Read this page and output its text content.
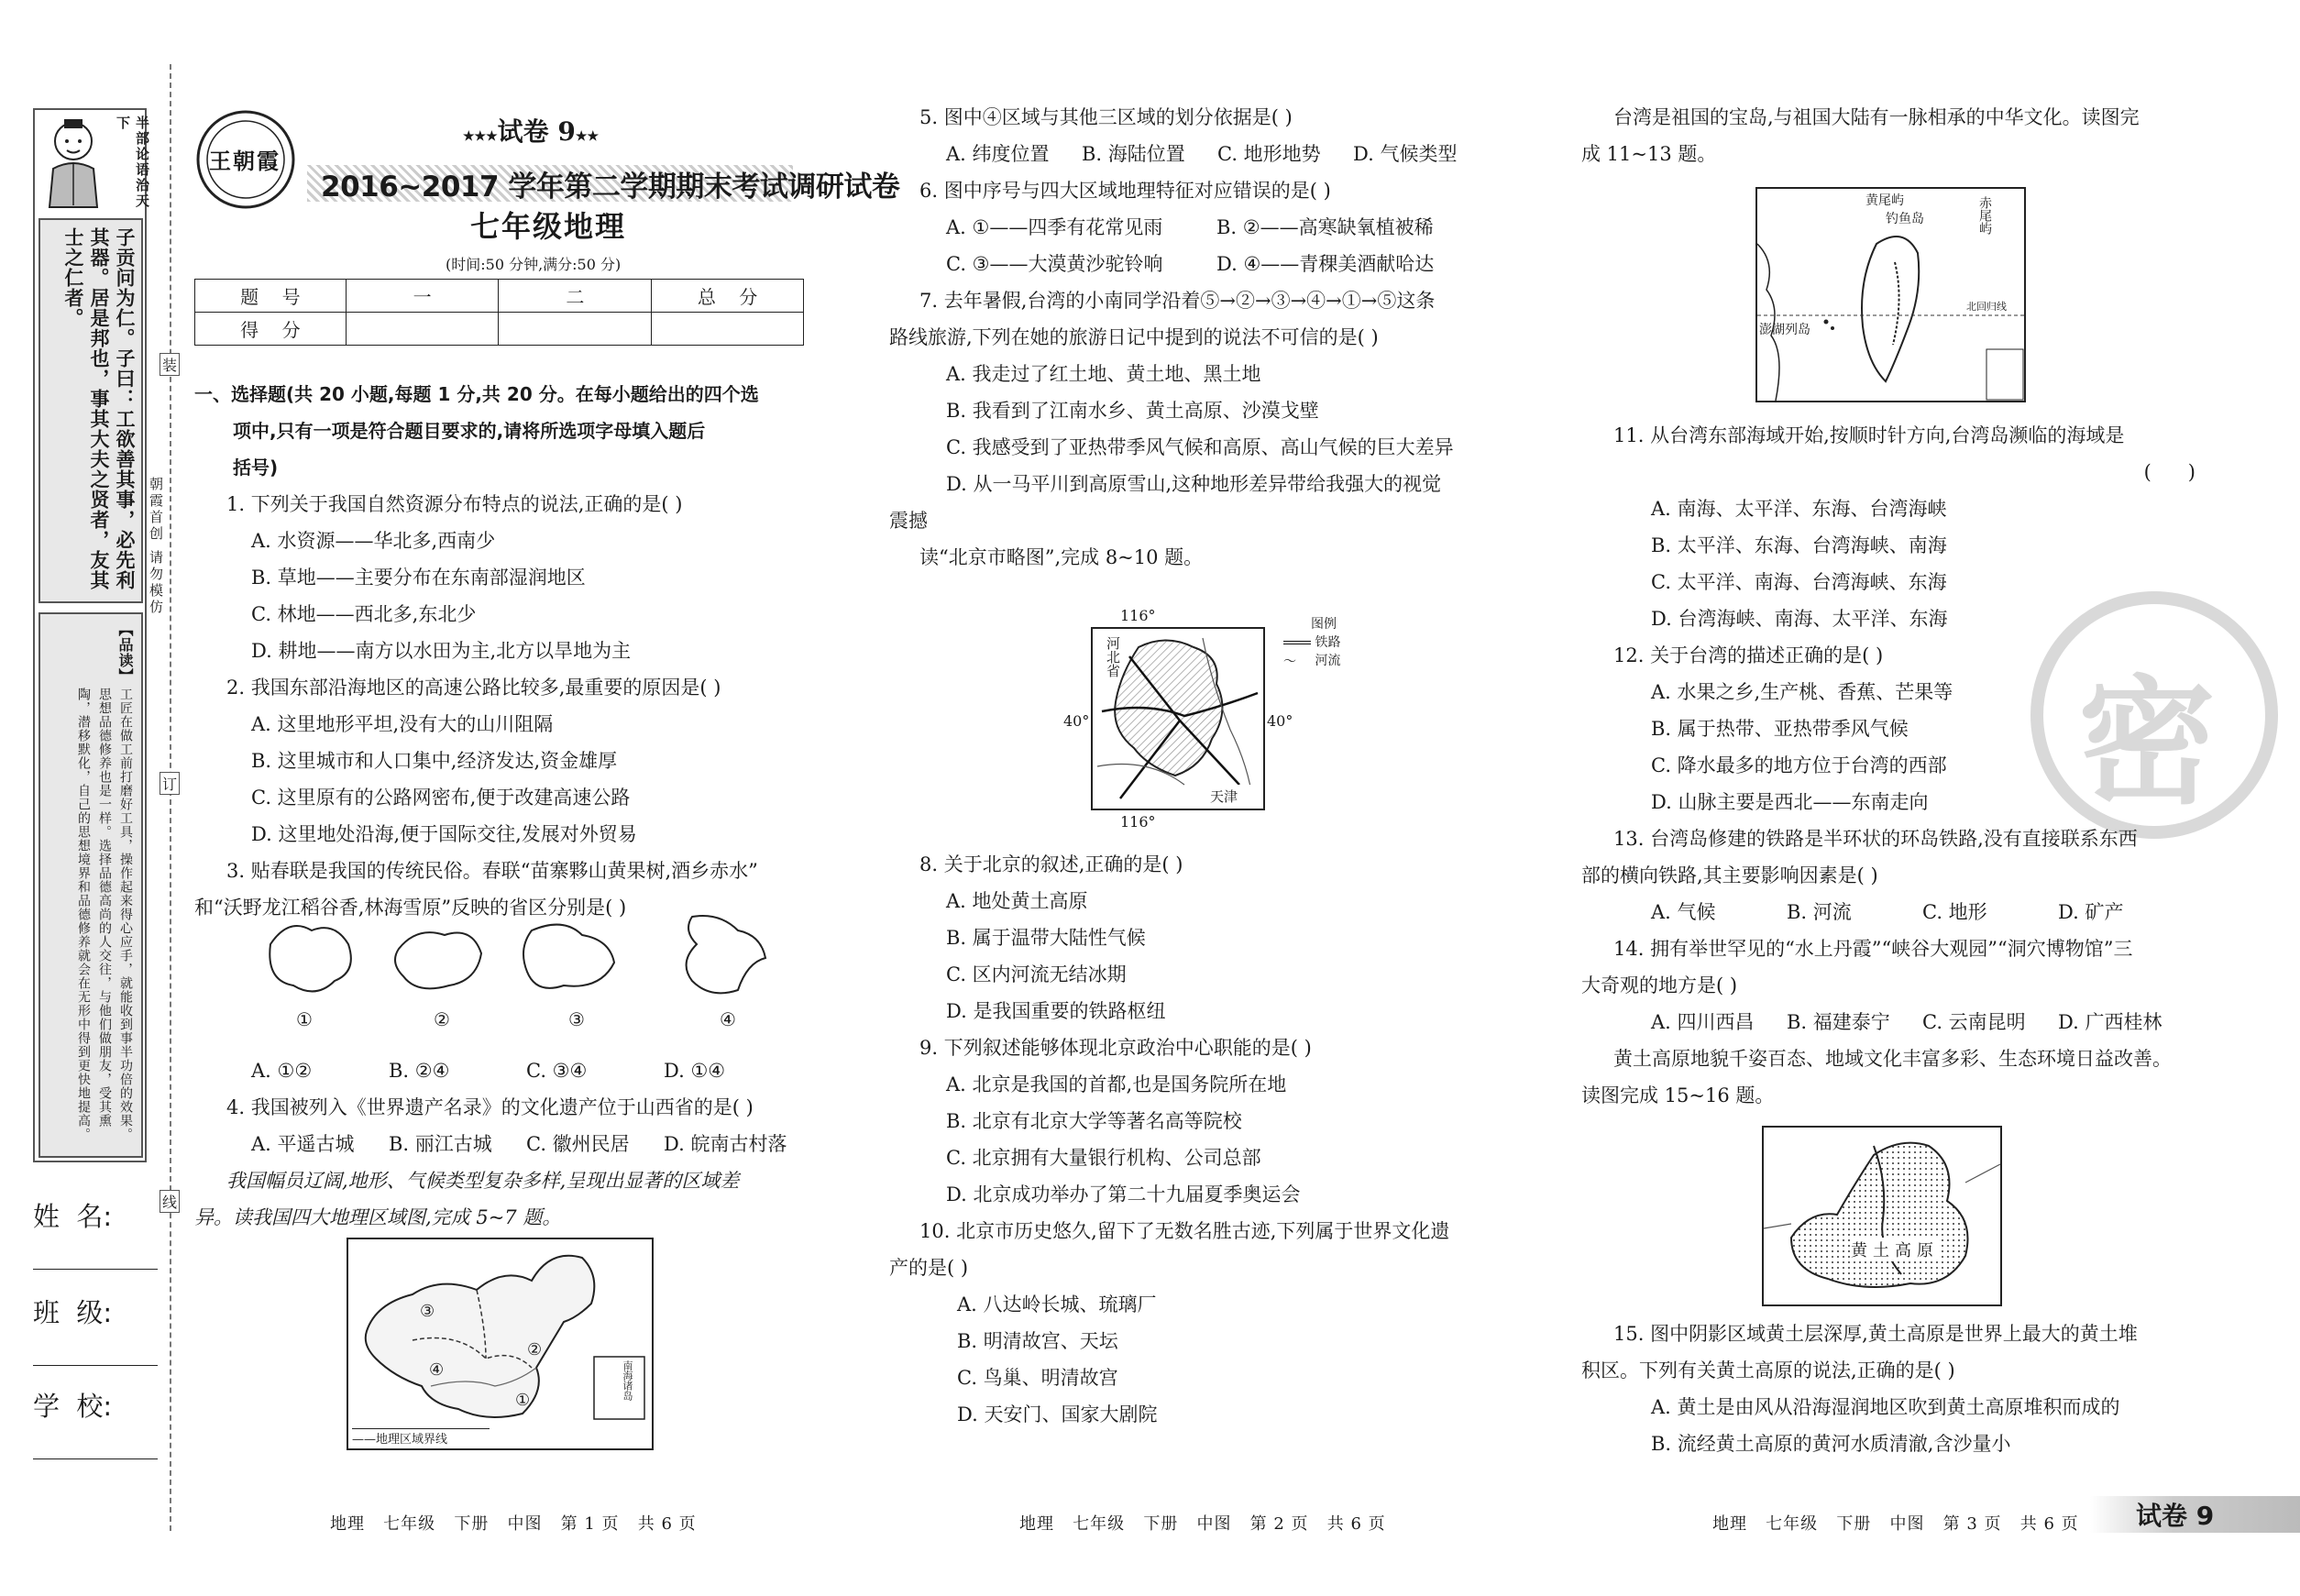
半部论语治天下
子贡问为仁。子曰：工欲善其事，必先利其器。居是邦也，事其大夫之贤者，友其士之仁者。
【品读】
工匠在做工前打磨好工具，操作起来得心应手，就能收到事半功倍的效果。思想品德修养也是一样。选择品德高尚的人交往，与他们做朋友，受其熏陶，潜移默化，自己的思想境界和品德修养就会在无形中得到更快地提高。
姓  名:
班  级:
学  校:
装
订
线
朝霞首创 请勿模仿
王朝霞
★★★试卷 9★★
2016~2017 学年第二学期期末考试调研试卷
七年级地理
(时间:50 分钟,满分:50 分)
题    号	一	二	总    分
得    分			
一、选择题(共 20 小题,每题 1 分,共 20 分。在每小题给出的四个选
项中,只有一项是符合题目要求的,请将所选项字母填入题后
括号)
1. 下列关于我国自然资源分布特点的说法,正确的是( )
A. 水资源——华北多,西南少
B. 草地——主要分布在东南部湿润地区
C. 林地——西北多,东北少
D. 耕地——南方以水田为主,北方以旱地为主
2. 我国东部沿海地区的高速公路比较多,最重要的原因是( )
A. 这里地形平坦,没有大的山川阻隔
B. 这里城市和人口集中,经济发达,资金雄厚
C. 这里原有的公路网密布,便于改建高速公路
D. 这里地处沿海,便于国际交往,发展对外贸易
3. 贴春联是我国的传统民俗。春联“苗寨夥山黄果树,酒乡赤水”
和“沃野龙江稻谷香,林海雪原”反映的省区分别是( )
①	②	③	④
A. ①②	B. ②④	C. ③④	D. ①④
4. 我国被列入《世界遗产名录》的文化遗产位于山西省的是( )
A. 平遥古城 B. 丽江古城 C. 徽州民居 D. 皖南古村落
我国幅员辽阔,地形、气候类型复杂多样,呈现出显著的区域差
异。读我国四大地理区域图,完成 5~7 题。
③
②
④
①	南海诸岛
——地理区域界线
地理   七年级   下册   中图   第 1 页   共 6 页
5. 图中④区域与其他三区域的划分依据是( )
A. 纬度位置 B. 海陆位置 C. 地形地势 D. 气候类型
6. 图中序号与四大区域地理特征对应错误的是( )
A. ①——四季有花常见雨	B. ②——高寒缺氧植被稀
C. ③——大漠黄沙驼铃响	D. ④——青稞美酒献哈达
7. 去年暑假,台湾的小南同学沿着⑤→②→③→④→①→⑤这条
路线旅游,下列在她的旅游日记中提到的说法不可信的是( )
A. 我走过了红土地、黄土地、黑土地
B. 我看到了江南水乡、黄土高原、沙漠戈壁
C. 我感受到了亚热带季风气候和高原、高山气候的巨大差异
D. 从一马平川到高原雪山,这种地形差异带给我强大的视觉
震撼
读“北京市略图”,完成 8~10 题。
116°
河北省
天津
40°	40°
116°
图例
铁路
〜 河流
8. 关于北京的叙述,正确的是( )
A. 地处黄土高原
B. 属于温带大陆性气候
C. 区内河流无结冰期
D. 是我国重要的铁路枢纽
9. 下列叙述能够体现北京政治中心职能的是( )
A. 北京是我国的首都,也是国务院所在地
B. 北京有北京大学等著名高等院校
C. 北京拥有大量银行机构、公司总部
D. 北京成功举办了第二十九届夏季奥运会
10. 北京市历史悠久,留下了无数名胜古迹,下列属于世界文化遗
产的是( )
A. 八达岭长城、琉璃厂
B. 明清故宫、天坛
C. 鸟巢、明清故宫
D. 天安门、国家大剧院
地理   七年级   下册   中图   第 2 页   共 6 页
密
台湾是祖国的宝岛,与祖国大陆有一脉相承的中华文化。读图完
成 11~13 题。
黄尾屿
钓鱼岛	赤尾屿
澎湖列岛
北回归线
11. 从台湾东部海域开始,按顺时针方向,台湾岛濒临的海域是
(      )
A. 南海、太平洋、东海、台湾海峡
B. 太平洋、东海、台湾海峡、南海
C. 太平洋、南海、台湾海峡、东海
D. 台湾海峡、南海、太平洋、东海
12. 关于台湾的描述正确的是( )
A. 水果之乡,生产桃、香蕉、芒果等
B. 属于热带、亚热带季风气候
C. 降水最多的地方位于台湾的西部
D. 山脉主要是西北——东南走向
13. 台湾岛修建的铁路是半环状的环岛铁路,没有直接联系东西
部的横向铁路,其主要影响因素是( )
A. 气候	B. 河流	C. 地形	D. 矿产
14. 拥有举世罕见的“水上丹霞”“峡谷大观园”“洞穴博物馆”三
大奇观的地方是( )
A. 四川西昌 B. 福建泰宁 C. 云南昆明 D. 广西桂林
黄土高原地貌千姿百态、地域文化丰富多彩、生态环境日益改善。
读图完成 15~16 题。
黄土高原
15. 图中阴影区域黄土层深厚,黄土高原是世界上最大的黄土堆
积区。下列有关黄土高原的说法,正确的是( )
A. 黄土是由风从沿海湿润地区吹到黄土高原堆积而成的
B. 流经黄土高原的黄河水质清澈,含沙量小
地理   七年级   下册   中图   第 3 页   共 6 页 试卷 9
